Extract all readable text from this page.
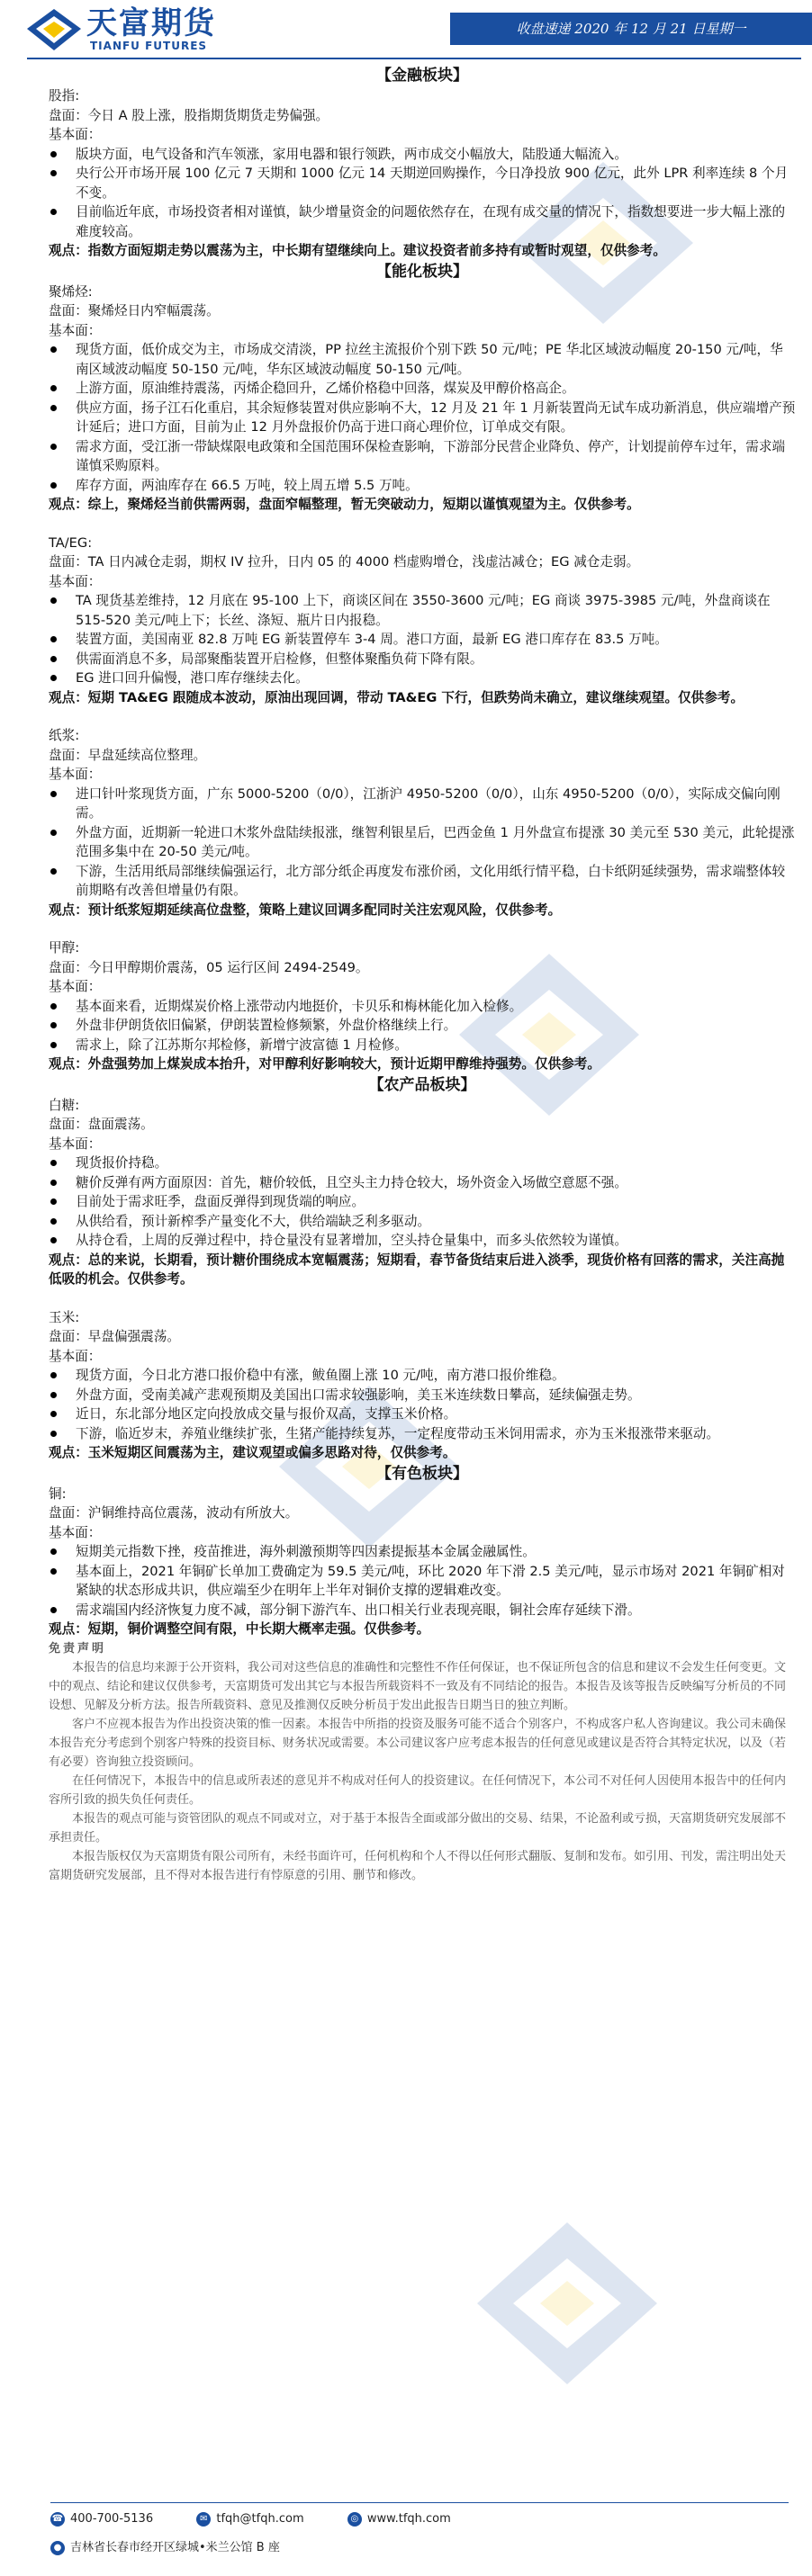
天富期货
TIANFU FUTURES
收盘速递 2020 年 12 月 21 日星期一

【金融板块】

股指:

盘面：今日 A 股上涨，股指期货期货走势偏强。

基本面：

版块方面，电气设备和汽车领涨，家用电器和银行领跌，两市成交小幅放大，陆股通大幅流入。
央行公开市场开展 100 亿元 7 天期和 1000 亿元 14 天期逆回购操作，今日净投放 900 亿元，此外 LPR 利率连续 8 个月不变。
目前临近年底，市场投资者相对谨慎，缺少增量资金的问题依然存在，在现有成交量的情况下，指数想要进一步大幅上涨的难度较高。

观点：指数方面短期走势以震荡为主，中长期有望继续向上。建议投资者前多持有或暂时观望，仅供参考。

【能化板块】

聚烯烃:

盘面：聚烯烃日内窄幅震荡。

基本面：

现货方面，低价成交为主，市场成交清淡，PP 拉丝主流报价个别下跌 50 元/吨；PE 华北区域波动幅度 20-150 元/吨，华南区域波动幅度 50-150 元/吨，华东区域波动幅度 50-150 元/吨。
上游方面，原油维持震荡，丙烯企稳回升，乙烯价格稳中回落，煤炭及甲醇价格高企。
供应方面，扬子江石化重启，其余短修装置对供应影响不大，12 月及 21 年 1 月新装置尚无试车成功新消息，供应端增产预计延后；进口方面，目前为止 12 月外盘报价仍高于进口商心理价位，订单成交有限。
需求方面，受江浙一带缺煤限电政策和全国范围环保检查影响，下游部分民营企业降负、停产，计划提前停车过年，需求端谨慎采购原料。
库存方面，两油库存在 66.5 万吨，较上周五增 5.5 万吨。

观点：综上，聚烯烃当前供需两弱，盘面窄幅整理，暂无突破动力，短期以谨慎观望为主。仅供参考。

TA/EG:

盘面：TA 日内减仓走弱，期权 IV 拉升，日内 05 的 4000 档虚购增仓，浅虚沽减仓；EG 减仓走弱。

基本面：

TA 现货基差维持，12 月底在 95-100 上下，商谈区间在 3550-3600 元/吨；EG 商谈 3975-3985 元/吨，外盘商谈在 515-520 美元/吨上下；长丝、涤短、瓶片日内报稳。
装置方面，美国南亚 82.8 万吨 EG 新装置停车 3-4 周。港口方面，最新 EG 港口库存在 83.5 万吨。
供需面消息不多，局部聚酯装置开启检修，但整体聚酯负荷下降有限。
EG 进口回升偏慢，港口库存继续去化。

观点：短期 TA&EG 跟随成本波动，原油出现回调，带动 TA&EG 下行，但跌势尚未确立，建议继续观望。仅供参考。

纸浆:

盘面：早盘延续高位整理。

基本面：

进口针叶浆现货方面，广东 5000-5200（0/0），江浙沪 4950-5200（0/0），山东 4950-5200（0/0），实际成交偏向刚需。
外盘方面，近期新一轮进口木浆外盘陆续报涨，继智利银星后，巴西金鱼 1 月外盘宣布提涨 30 美元至 530 美元，此轮提涨范围多集中在 20-50 美元/吨。
下游，生活用纸局部继续偏强运行，北方部分纸企再度发布涨价函，文化用纸行情平稳，白卡纸阴延续强势，需求端整体较前期略有改善但增量仍有限。

观点：预计纸浆短期延续高位盘整，策略上建议回调多配同时关注宏观风险，仅供参考。

甲醇:

盘面：今日甲醇期价震荡，05 运行区间 2494-2549。

基本面：

基本面来看，近期煤炭价格上涨带动内地挺价，卡贝乐和梅林能化加入检修。
外盘非伊朗货依旧偏紧，伊朗装置检修频繁，外盘价格继续上行。
需求上，除了江苏斯尔邦检修，新增宁波富德 1 月检修。

观点：外盘强势加上煤炭成本抬升，对甲醇利好影响较大，预计近期甲醇维持强势。仅供参考。

【农产品板块】

白糖:

盘面：盘面震荡。

基本面：

现货报价持稳。
糖价反弹有两方面原因：首先，糖价较低，且空头主力持仓较大，场外资金入场做空意愿不强。
目前处于需求旺季，盘面反弹得到现货端的响应。
从供给看，预计新榨季产量变化不大，供给端缺乏利多驱动。
从持仓看，上周的反弹过程中，持仓量没有显著增加，空头持仓量集中，而多头依然较为谨慎。

观点：总的来说，长期看，预计糖价围绕成本宽幅震荡；短期看，春节备货结束后进入淡季，现货价格有回落的需求，关注高抛低吸的机会。仅供参考。

玉米:

盘面：早盘偏强震荡。

基本面：

现货方面，今日北方港口报价稳中有涨，鲅鱼圈上涨 10 元/吨，南方港口报价维稳。
外盘方面，受南美减产悲观预期及美国出口需求较强影响，美玉米连续数日攀高，延续偏强走势。
近日，东北部分地区定向投放成交量与报价双高，支撑玉米价格。
下游，临近岁末，养殖业继续扩张，生猪产能持续复苏，一定程度带动玉米饲用需求，亦为玉米报涨带来驱动。

观点：玉米短期区间震荡为主，建议观望或偏多思路对待，仅供参考。

【有色板块】

铜:

盘面：沪铜维持高位震荡，波动有所放大。

基本面：

短期美元指数下挫，疫苗推进，海外刺激预期等四因素提振基本金属金融属性。
基本面上，2021 年铜矿长单加工费确定为 59.5 美元/吨，环比 2020 年下滑 2.5 美元/吨，显示市场对 2021 年铜矿相对紧缺的状态形成共识，供应端至少在明年上半年对铜价支撑的逻辑难改变。
需求端国内经济恢复力度不减，部分铜下游汽车、出口相关行业表现亮眼，铜社会库存延续下滑。

观点：短期，铜价调整空间有限，中长期大概率走强。仅供参考。

免责声明

本报告的信息均来源于公开资料，我公司对这些信息的准确性和完整性不作任何保证，也不保证所包含的信息和建议不会发生任何变更。文中的观点、结论和建议仅供参考，天富期货可发出其它与本报告所载资料不一致及有不同结论的报告。本报告及该等报告反映编写分析员的不同设想、见解及分析方法。报告所载资料、意见及推测仅反映分析员于发出此报告日期当日的独立判断。

客户不应视本报告为作出投资决策的惟一因素。本报告中所指的投资及服务可能不适合个别客户，不构成客户私人咨询建议。我公司未确保本报告充分考虑到个别客户特殊的投资目标、财务状况或需要。本公司建议客户应考虑本报告的任何意见或建议是否符合其特定状况，以及（若有必要）咨询独立投资顾问。

在任何情况下，本报告中的信息或所表述的意见并不构成对任何人的投资建议。在任何情况下，本公司不对任何人因使用本报告中的任何内容所引致的损失负任何责任。

本报告的观点可能与资管团队的观点不同或对立，对于基于本报告全面或部分做出的交易、结果，不论盈利或亏损，天富期货研究发展部不承担责任。

本报告版权仅为天富期货有限公司所有，未经书面许可，任何机构和个人不得以任何形式翻版、复制和发布。如引用、刊发，需注明出处天富期货研究发展部，且不得对本报告进行有悖原意的引用、删节和修改。

☎ 400-700-5136	✉ tfqh@tfqh.com	◎ www.tfqh.com
● 吉林省长春市经开区绿城•米兰公馆 B 座
